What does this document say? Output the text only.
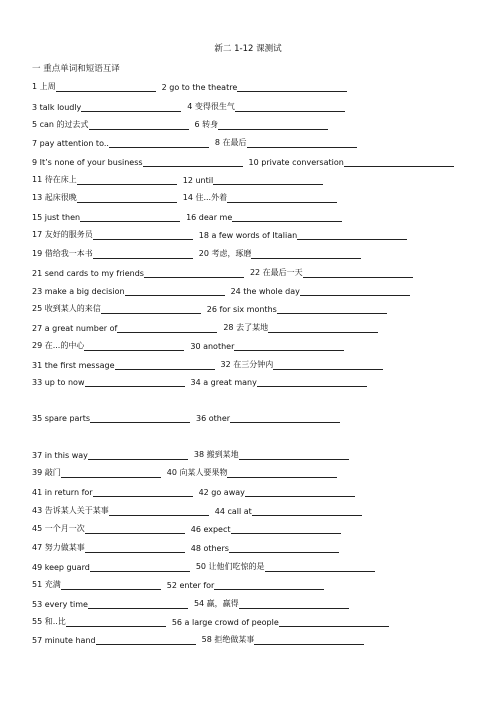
新二 1-12 课测试
一 重点单词和短语互译
1 上周	2 go to the theatre
3 talk loudly	4 变得很生气
5 can 的过去式	6 转身
7 pay attention to..	8 在最后
9 It’s none of your business	10 private conversation
11 待在床上	12 until
13 起床很晚	14 住...外着
15 just then	16 dear me
17 友好的服务员	18 a few words of Italian
19 借给我一本书	20 考虑，琢磨
21 send cards to my friends	22 在最后一天
23 make a big decision	24 the whole day
25 收到某人的来信	26 for six months
27 a great number of	28 去了某地
29 在...的中心	30 another
31 the first message	32 在三分钟内
33 up to now	34 a great many
35 spare parts	36 other
37 in this way	38 搬到某地
39 敲门	40 向某人要果物
41 in return for	42 go away
43 告诉某人关于某事	44 call at
45 一个月一次	46 expect
47 努力做某事	48 others
49 keep guard	50 让他们吃惊的是
51 充满	52 enter for
53 every time	54 赢，赢得
55 和..比	56 a large crowd of people
57 minute hand	58 拒绝做某事
